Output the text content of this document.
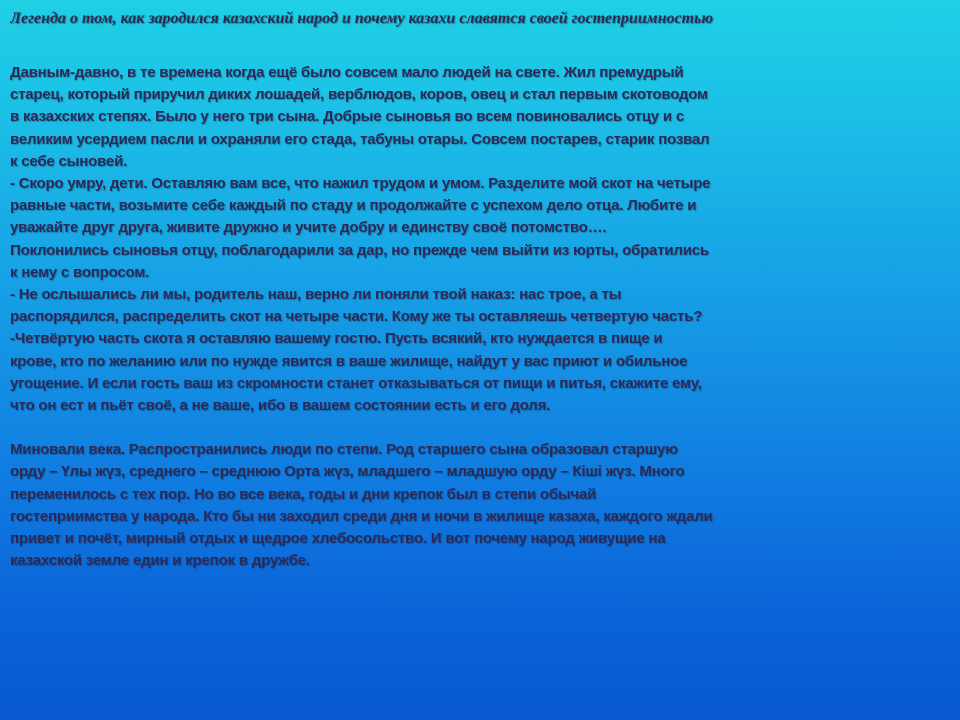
Легенда о том, как зародился казахский народ и почему казахи славятся своей гостеприимностью
Давным-давно, в те времена когда ещё было совсем мало людей на свете. Жил премудрый
старец, который приручил диких лошадей, верблюдов, коров, овец и стал первым скотоводом
в казахских степях. Было у него три сына. Добрые сыновья во всем повиновались отцу и с
великим усердием пасли и охраняли его стада, табуны отары. Совсем постарев, старик позвал
к себе сыновей.
- Скоро умру, дети. Оставляю вам все, что нажил трудом и умом. Разделите мой скот на четыре
равные части, возьмите себе каждый по стаду и продолжайте с успехом дело отца. Любите и
уважайте друг друга, живите дружно и учите добру и единству своё потомство….
Поклонились сыновья отцу, поблагодарили за дар, но прежде чем выйти из юрты, обратились
к нему с вопросом.
- Не ослышались ли мы, родитель наш, верно ли поняли твой наказ: нас трое, а ты
распорядился, распределить скот на четыре части. Кому же ты оставляешь четвертую часть?
-Четвёртую часть скота я оставляю вашему гостю. Пусть всякий, кто нуждается в пище и
крове, кто по желанию или по нужде явится в ваше жилище, найдут у вас приют и обильное
угощение. И если гость ваш из скромности станет отказываться от пищи и питья, скажите ему,
что он ест и пьёт своё, а не ваше, ибо в вашем состоянии есть и его доля.
Миновали века. Распространились люди по степи. Род старшего сына образовал старшую
орду – Үлы жүз, среднего – среднюю Орта жүз, младшего – младшую орду – Кіші жүз. Много
переменилось с тех пор. Но во все века, годы и дни крепок был в степи обычай
гостеприимства у народа. Кто бы ни заходил среди дня и ночи в жилище казаха, каждого ждали
привет и почёт, мирный отдых и щедрое хлебосольство. И вот почему народ живущие на
казахской земле един и крепок в дружбе.
